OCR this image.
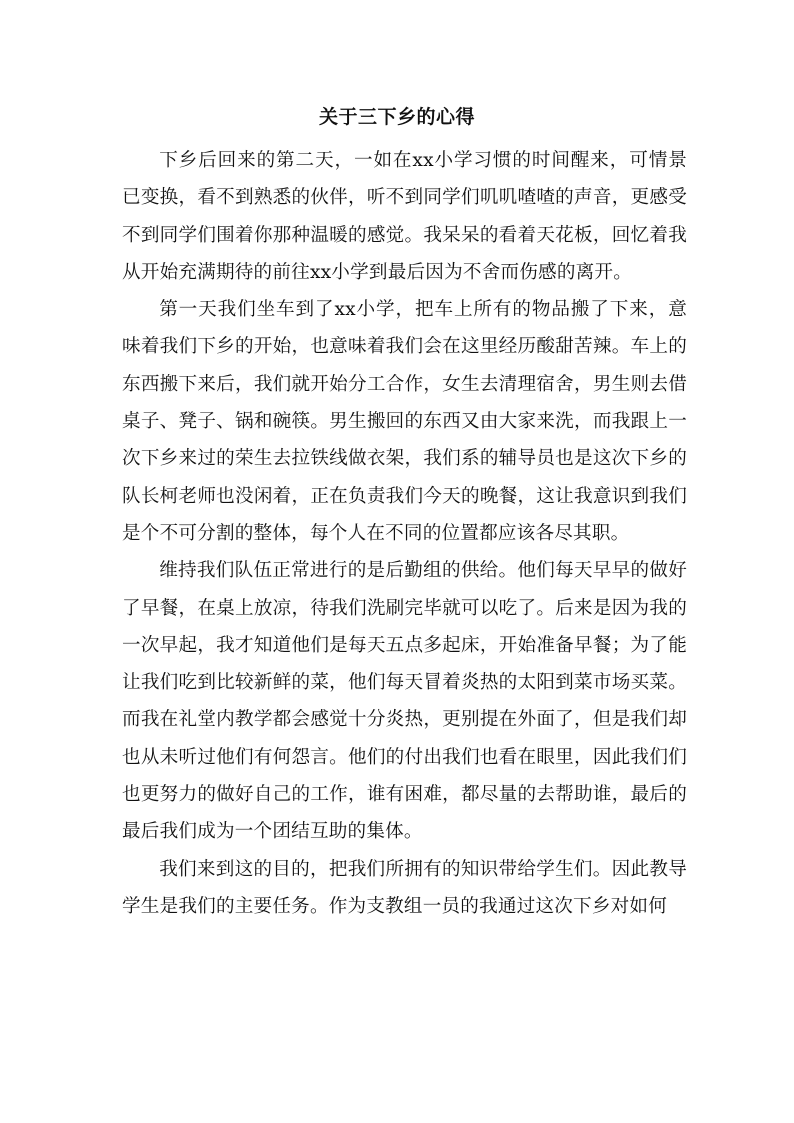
关于三下乡的心得

下乡后回来的第二天，一如在xx小学习惯的时间醒来，可情景已变换，看不到熟悉的伙伴，听不到同学们叽叽喳喳的声音，更感受不到同学们围着你那种温暖的感觉。我呆呆的看着天花板，回忆着我从开始充满期待的前往xx小学到最后因为不舍而伤感的离开。

第一天我们坐车到了xx小学，把车上所有的物品搬了下来，意味着我们下乡的开始，也意味着我们会在这里经历酸甜苦辣。车上的东西搬下来后，我们就开始分工合作，女生去清理宿舍，男生则去借桌子、凳子、锅和碗筷。男生搬回的东西又由大家来洗，而我跟上一次下乡来过的荣生去拉铁线做衣架，我们系的辅导员也是这次下乡的队长柯老师也没闲着，正在负责我们今天的晚餐，这让我意识到我们是个不可分割的整体，每个人在不同的位置都应该各尽其职。

维持我们队伍正常进行的是后勤组的供给。他们每天早早的做好了早餐，在桌上放凉，待我们洗刷完毕就可以吃了。后来是因为我的一次早起，我才知道他们是每天五点多起床，开始准备早餐；为了能让我们吃到比较新鲜的菜，他们每天冒着炎热的太阳到菜市场买菜。而我在礼堂内教学都会感觉十分炎热，更别提在外面了，但是我们却也从未听过他们有何怨言。他们的付出我们也看在眼里，因此我们们也更努力的做好自己的工作，谁有困难，都尽量的去帮助谁，最后的最后我们成为一个团结互助的集体。

我们来到这的目的，把我们所拥有的知识带给学生们。因此教导学生是我们的主要任务。作为支教组一员的我通过这次下乡对如何
